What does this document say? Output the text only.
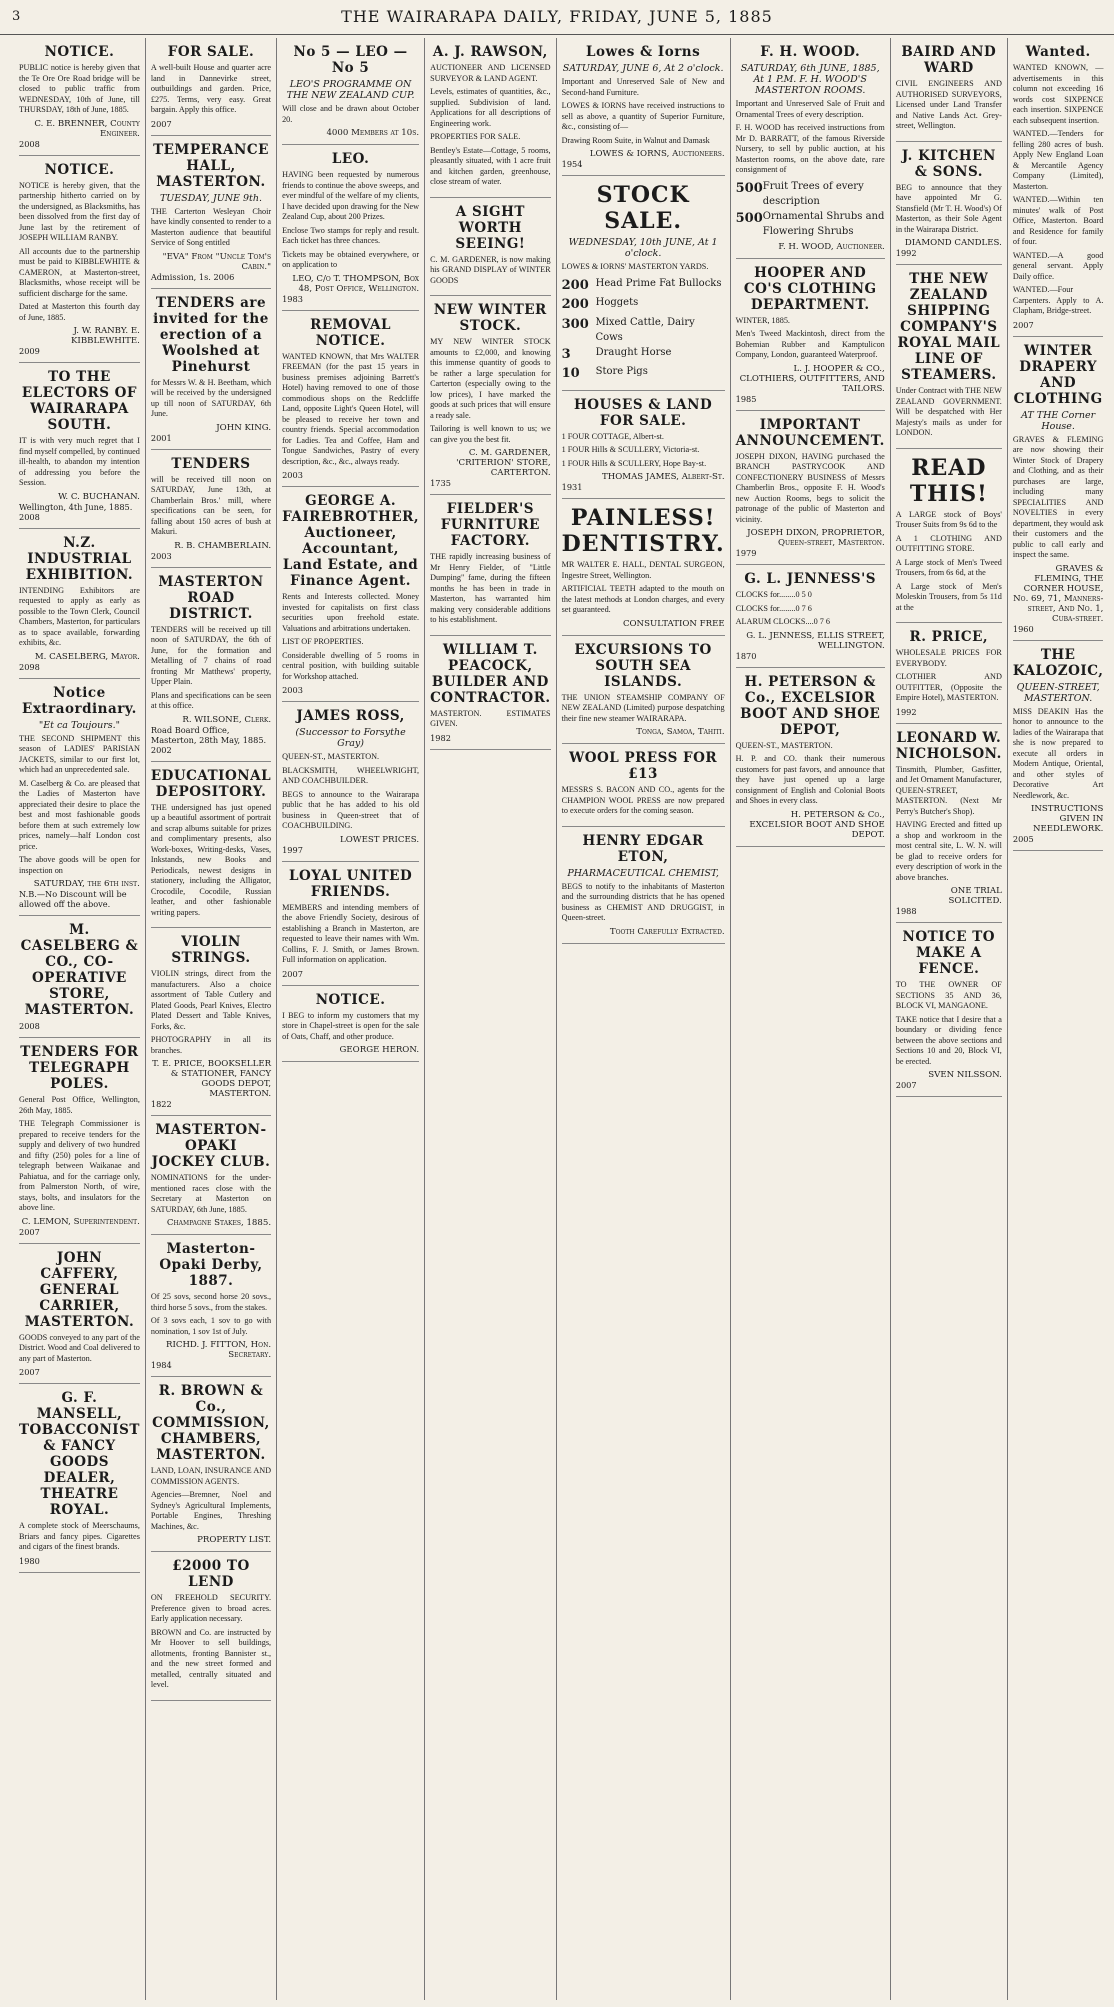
3	THE WAIRARAPA DAILY, FRIDAY, JUNE 5, 1885
NOTICE.

PUBLIC notice is hereby given that the Te Ore Ore Road bridge will be closed to public traffic from WEDNESDAY, 10th of June, till THURSDAY, 18th of June, 1885.

C. E. BRENNER, County Engineer.
2008
NOTICE.

NOTICE is hereby given, that the partnership hitherto carried on by the undersigned, as Blacksmiths, has been dissolved from the first day of June last by the retirement of JOSEPH WILLIAM RANBY.

All accounts due to the partnership must be paid to KIBBLEWHITE & CAMERON, at Masterton-street, Blacksmiths, whose receipt will be sufficient discharge for the same.

Dated at Masterton this fourth day of June, 1885.

J. W. RANBY. E. KIBBLEWHITE.
2009
TO THE ELECTORS OF WAIRARAPA SOUTH.

IT is with very much regret that I find myself compelled, by continued ill-health, to abandon my intention of addressing you before the Session.

W. C. BUCHANAN.
Wellington, 4th June, 1885. 2008
N.Z. INDUSTRIAL EXHIBITION.

INTENDING Exhibitors are requested to apply as early as possible to the Town Clerk, Council Chambers, Masterton, for particulars as to space available, forwarding exhibits, &c.

M. CASELBERG, Mayor.
2098
Notice Extraordinary.
"Et ca Toujours."

THE SECOND SHIPMENT this season of LADIES' PARISIAN JACKETS, similar to our first lot, which had an unprecedented sale.

M. Caselberg & Co. are pleased that the Ladies of Masterton have appreciated their desire to place the best and most fashionable goods before them at such extremely low prices, namely—half London cost price.

The above goods will be open for inspection on

SATURDAY, the 6th inst.
N.B.—No Discount will be allowed off the above.
M. CASELBERG & CO., CO-OPERATIVE STORE, MASTERTON.
2008
TENDERS FOR TELEGRAPH POLES.

General Post Office, Wellington, 26th May, 1885.

THE Telegraph Commissioner is prepared to receive tenders for the supply and delivery of two hundred and fifty (250) poles for a line of telegraph between Waikanae and Pahiatua, and for the carriage only, from Palmerston North, of wire, stays, bolts, and insulators for the above line.

C. LEMON, Superintendent.
2007
JOHN CAFFERY, GENERAL CARRIER, MASTERTON.

GOODS conveyed to any part of the District. Wood and Coal delivered to any part of Masterton.

2007
G. F. MANSELL, TOBACCONIST & FANCY GOODS DEALER, THEATRE ROYAL.

A complete stock of Meerschaums, Briars and fancy pipes. Cigarettes and cigars of the finest brands.

1980
FOR SALE.

A well-built House and quarter acre land in Dannevirke street, outbuildings and garden. Price, £275. Terms, very easy. Great bargain. Apply this office.

2007
TEMPERANCE HALL, MASTERTON.
TUESDAY, JUNE 9th.

THE Carterton Wesleyan Choir have kindly consented to render to a Masterton audience that beautiful Service of Song entitled

"EVA" From "Uncle Tom's Cabin."
Admission, 1s. 2006
TENDERS are invited for the erection of a Woolshed at Pinehurst

for Messrs W. & H. Beetham, which will be received by the undersigned up till noon of SATURDAY, 6th June.

JOHN KING.
2001
TENDERS

will be received till noon on SATURDAY, June 13th, at Chamberlain Bros.' mill, where specifications can be seen, for falling about 150 acres of bush at Makuri.

R. B. CHAMBERLAIN.
2003
MASTERTON ROAD DISTRICT.

TENDERS will be received up till noon of SATURDAY, the 6th of June, for the formation and Metalling of 7 chains of road fronting Mr Matthews' property, Upper Plain.

Plans and specifications can be seen at this office.

R. WILSONE, Clerk.
Road Board Office, Masterton, 28th May, 1885. 2002
EDUCATIONAL DEPOSITORY.

THE undersigned has just opened up a beautiful assortment of portrait and scrap albums suitable for prizes and complimentary presents, also Work-boxes, Writing-desks, Vases, Inkstands, new Books and Periodicals, newest designs in stationery, including the Alligator, Crocodile, Cocodile, Russian leather, and other fashionable writing papers.

VIOLIN STRINGS.

VIOLIN strings, direct from the manufacturers. Also a choice assortment of Table Cutlery and Plated Goods, Pearl Knives, Electro Plated Dessert and Table Knives, Forks, &c.

PHOTOGRAPHY in all its branches.

T. E. PRICE, BOOKSELLER & STATIONER, FANCY GOODS DEPOT, MASTERTON.
1822
MASTERTON-OPAKI JOCKEY CLUB.

NOMINATIONS for the under-mentioned races close with the Secretary at Masterton on SATURDAY, 6th June, 1885.

Champagne Stakes, 1885.
Masterton-Opaki Derby, 1887.

Of 25 sovs, second horse 20 sovs., third horse 5 sovs., from the stakes.

Of 3 sovs each, 1 sov to go with nomination, 1 sov 1st of July.

RICHD. J. FITTON, Hon. Secretary.
1984
R. BROWN & Co., COMMISSION, CHAMBERS, MASTERTON.

LAND, LOAN, INSURANCE AND COMMISSION AGENTS.

Agencies—Bremner, Noel and Sydney's Agricultural Implements, Portable Engines, Threshing Machines, &c.

PROPERTY LIST.
£2000 TO LEND

ON FREEHOLD SECURITY. Preference given to broad acres. Early application necessary.

BROWN and Co. are instructed by Mr Hoover to sell buildings, allotments, fronting Bannister st., and the new street formed and metalled, centrally situated and level.

No 5 — LEO — No 5
LEO'S PROGRAMME ON THE NEW ZEALAND CUP.

Will close and be drawn about October 20.

4000 Members at 10s.
LEO.

HAVING been requested by numerous friends to continue the above sweeps, and ever mindful of the welfare of my clients, I have decided upon drawing for the New Zealand Cup, about 200 Prizes.

Enclose Two stamps for reply and result. Each ticket has three chances.

Tickets may be obtained everywhere, or on application to

LEO, C/o T. THOMPSON, Box 48, Post Office, Wellington.
1983
REMOVAL NOTICE.

WANTED KNOWN, that Mrs WALTER FREEMAN (for the past 15 years in business premises adjoining Barrett's Hotel) having removed to one of those commodious shops on the Redcliffe Land, opposite Light's Queen Hotel, will be pleased to receive her town and country friends. Special accommodation for Ladies. Tea and Coffee, Ham and Tongue Sandwiches, Pastry of every description, &c., &c., always ready.

2003
GEORGE A. FAIREBROTHER, Auctioneer, Accountant, Land Estate, and Finance Agent.

Rents and Interests collected. Money invested for capitalists on first class securities upon freehold estate. Valuations and arbitrations undertaken.

LIST OF PROPERTIES.

Considerable dwelling of 5 rooms in central position, with building suitable for Workshop attached.

2003
JAMES ROSS,
(Successor to Forsythe Gray)

QUEEN-ST., MASTERTON.

BLACKSMITH, WHEELWRIGHT, AND COACHBUILDER.

BEGS to announce to the Wairarapa public that he has added to his old business in Queen-street that of COACHBUILDING.

LOWEST PRICES.
1997
LOYAL UNITED FRIENDS.

MEMBERS and intending members of the above Friendly Society, desirous of establishing a Branch in Masterton, are requested to leave their names with Wm. Collins, F. J. Smith, or James Brown. Full information on application.

2007
NOTICE.

I BEG to inform my customers that my store in Chapel-street is open for the sale of Oats, Chaff, and other produce.

GEORGE HERON.
A. J. RAWSON,

AUCTIONEER AND LICENSED SURVEYOR & LAND AGENT.

Levels, estimates of quantities, &c., supplied. Subdivision of land. Applications for all descriptions of Engineering work.

PROPERTIES FOR SALE.

Bentley's Estate—Cottage, 5 rooms, pleasantly situated, with 1 acre fruit and kitchen garden, greenhouse, close stream of water.

A SIGHT WORTH SEEING!

C. M. GARDENER, is now making his GRAND DISPLAY of WINTER GOODS

NEW WINTER STOCK.

MY NEW WINTER STOCK amounts to £2,000, and knowing this immense quantity of goods to be rather a large speculation for Carterton (especially owing to the low prices), I have marked the goods at such prices that will ensure a ready sale.

Tailoring is well known to us; we can give you the best fit.

C. M. GARDENER, 'CRITERION' STORE, CARTERTON.
1735
FIELDER'S FURNITURE FACTORY.

THE rapidly increasing business of Mr Henry Fielder, of "Little Dumping" fame, during the fifteen months he has been in trade in Masterton, has warranted him making very considerable additions to his establishment.

WILLIAM T. PEACOCK, BUILDER AND CONTRACTOR.

MASTERTON. ESTIMATES GIVEN.

1982
Lowes & Iorns
SATURDAY, JUNE 6, At 2 o'clock.

Important and Unreserved Sale of New and Second-hand Furniture.

LOWES & IORNS have received instructions to sell as above, a quantity of Superior Furniture, &c., consisting of—

Drawing Room Suite, in Walnut and Damask

LOWES & IORNS, Auctioneers.
1954
STOCK SALE.
WEDNESDAY, 10th JUNE, At 1 o'clock.

LOWES & IORNS' MASTERTON YARDS.

200 Head Prime Fat Bullocks
200 Hoggets
300 Mixed Cattle, Dairy Cows
3	Draught Horse
10	Store Pigs
HOUSES & LAND FOR SALE.

1 FOUR COTTAGE, Albert-st.

1 FOUR Hills & SCULLERY, Victoria-st.

1 FOUR Hills & SCULLERY, Hope Bay-st.

THOMAS JAMES, Albert-St.
1931
PAINLESS! DENTISTRY.

MR WALTER E. HALL, DENTAL SURGEON, Ingestre Street, Wellington.

ARTIFICIAL TEETH adapted to the mouth on the latest methods at London charges, and every set guaranteed.

CONSULTATION FREE
EXCURSIONS TO SOUTH SEA ISLANDS.

THE UNION STEAMSHIP COMPANY OF NEW ZEALAND (Limited) purpose despatching their fine new steamer WAIRARAPA.

Tonga, Samoa, Tahiti.
WOOL PRESS FOR £13

MESSRS S. BACON AND CO., agents for the CHAMPION WOOL PRESS are now prepared to execute orders for the coming season.

HENRY EDGAR ETON,
PHARMACEUTICAL CHEMIST,

BEGS to notify to the inhabitants of Masterton and the surrounding districts that he has opened business as CHEMIST AND DRUGGIST, in Queen-street.

Tooth Carefully Extracted.
F. H. WOOD.
SATURDAY, 6th JUNE, 1885, At 1 P.M. F. H. WOOD'S MASTERTON ROOMS.

Important and Unreserved Sale of Fruit and Ornamental Trees of every description.

F. H. WOOD has received instructions from Mr D. BARRATT, of the famous Riverside Nursery, to sell by public auction, at his Masterton rooms, on the above date, rare consignment of

500 Fruit Trees of every description
500 Ornamental Shrubs and Flowering Shrubs
F. H. WOOD, Auctioneer.
HOOPER AND CO'S CLOTHING DEPARTMENT.

WINTER, 1885.

Men's Tweed Mackintosh, direct from the Bohemian Rubber and Kamptulicon Company, London, guaranteed Waterproof.

L. J. HOOPER & CO., CLOTHIERS, OUTFITTERS, AND TAILORS.
1985
IMPORTANT ANNOUNCEMENT.

JOSEPH DIXON, HAVING purchased the BRANCH PASTRYCOOK AND CONFECTIONERY BUSINESS of Messrs Chamberlin Bros., opposite F. H. Wood's new Auction Rooms, begs to solicit the patronage of the public of Masterton and vicinity.

JOSEPH DIXON, PROPRIETOR, Queen-street, Masterton.
1979
G. L. JENNESS'S

CLOCKS for........0 5 0

CLOCKS for........0 7 6

ALARUM CLOCKS....0 7 6

G. L. JENNESS, ELLIS STREET, WELLINGTON.
1870
H. PETERSON & Co., EXCELSIOR BOOT AND SHOE DEPOT,

QUEEN-ST., MASTERTON.

H. P. and CO. thank their numerous customers for past favors, and announce that they have just opened up a large consignment of English and Colonial Boots and Shoes in every class.

H. PETERSON & Co., EXCELSIOR BOOT AND SHOE DEPOT.
BAIRD AND WARD

CIVIL ENGINEERS AND AUTHORISED SURVEYORS, Licensed under Land Transfer and Native Lands Act. Grey-street, Wellington.

J. KITCHEN & SONS.

BEG to announce that they have appointed Mr G. Stansfield (Mr T. H. Wood's) Of Masterton, as their Sole Agent in the Wairarapa District.

DIAMOND CANDLES.
1992
THE NEW ZEALAND SHIPPING COMPANY'S ROYAL MAIL LINE OF STEAMERS.

Under Contract with THE NEW ZEALAND GOVERNMENT. Will be despatched with Her Majesty's mails as under for LONDON.

READ THIS!

A LARGE stock of Boys' Trouser Suits from 9s 6d to the

A 1 CLOTHING AND OUTFITTING STORE.

A Large stock of Men's Tweed Trousers, from 6s 6d, at the

A Large stock of Men's Moleskin Trousers, from 5s 11d at the

R. PRICE,

WHOLESALE PRICES FOR EVERYBODY.

CLOTHIER AND OUTFITTER, (Opposite the Empire Hotel), MASTERTON.

1992
LEONARD W. NICHOLSON.

Tinsmith, Plumber, Gasfitter, and Jet Ornament Manufacturer, QUEEN-STREET, MASTERTON. (Next Mr Perry's Butcher's Shop).

HAVING Erected and fitted up a shop and workroom in the most central site, L. W. N. will be glad to receive orders for every description of work in the above branches.

ONE TRIAL SOLICITED.
1988
NOTICE TO MAKE A FENCE.

TO THE OWNER OF SECTIONS 35 AND 36, BLOCK VI, MANGAONE.

TAKE notice that I desire that a boundary or dividing fence between the above sections and Sections 10 and 20, Block VI, be erected.

SVEN NILSSON.
2007
Wanted.

WANTED KNOWN, —advertisements in this column not exceeding 16 words cost SIXPENCE each insertion. SIXPENCE each subsequent insertion.

WANTED.—Tenders for felling 280 acres of bush. Apply New England Loan & Mercantile Agency Company (Limited), Masterton.

WANTED.—Within ten minutes' walk of Post Office, Masterton. Board and Residence for family of four.

WANTED.—A good general servant. Apply Daily office.

WANTED.—Four Carpenters. Apply to A. Clapham, Bridge-street.

2007
WINTER DRAPERY AND CLOTHING
AT THE Corner House.

GRAVES & FLEMING are now showing their Winter Stock of Drapery and Clothing, and as their purchases are large, including many SPECIALITIES AND NOVELTIES in every department, they would ask their customers and the public to call early and inspect the same.

GRAVES & FLEMING, THE CORNER HOUSE, No. 69, 71, Manners-street, And No. 1, Cuba-street.
1960
THE KALOZOIC,
QUEEN-STREET, MASTERTON.

MISS DEAKIN Has the honor to announce to the ladies of the Wairarapa that she is now prepared to execute all orders in Modern Antique, Oriental, and other styles of Decorative Art Needlework, &c.

INSTRUCTIONS GIVEN IN NEEDLEWORK.
2005
